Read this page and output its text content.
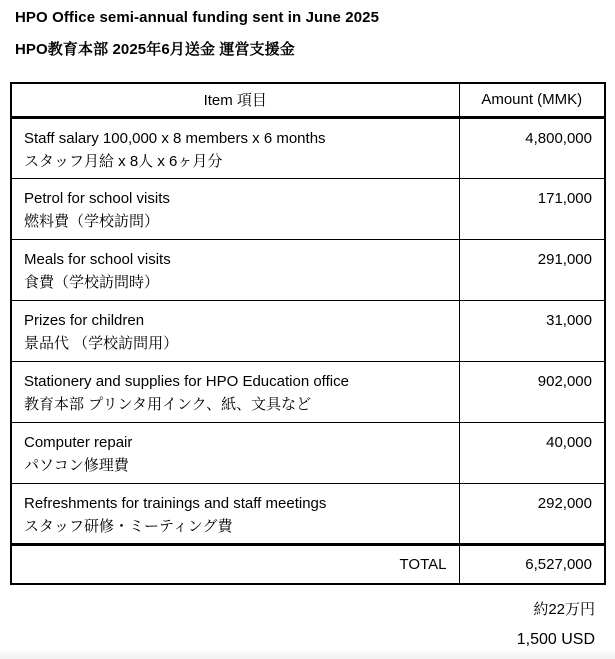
HPO Office semi-annual funding sent in June 2025
HPO教育本部 2025年6月送金 運営支援金
Item 項目	Amount (MMK)

Staff salary 100,000 x 8 members x 6 months
スタッフ月給 x 8人 x 6ヶ月分	4,800,000

Petrol for school visits
燃料費（学校訪問）	171,000

Meals for school visits
食費（学校訪問時）	291,000

Prizes for children
景品代 （学校訪問用）	31,000

Stationery and supplies for HPO Education office
教育本部 プリンタ用インク、紙、文具など	902,000

Computer repair
パソコン修理費	40,000

Refreshments for trainings and staff meetings
スタッフ研修・ミーティング費	292,000
TOTAL	6,527,000
約22万円
1,500 USD
